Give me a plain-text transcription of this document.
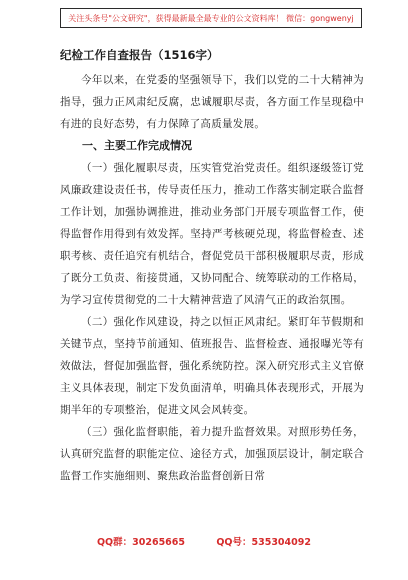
关注头条号"公文研究"，获得最新最全最专业的公文资料库！ 微信：gongwenyj
纪检工作自查报告（1516字）

今年以来，在党委的坚强领导下，我们以党的二十大精神为指导，强力正风肃纪反腐，忠诚履职尽责，各方面工作呈现稳中有进的良好态势，有力保障了高质量发展。

一、主要工作完成情况

（一）强化履职尽责，压实管党治党责任。组织逐级签订党风廉政建设责任书，传导责任压力，推动工作落实制定联合监督工作计划，加强协调推进，推动业务部门开展专项监督工作，使得监督作用得到有效发挥。坚持严考核硬兑现，将监督检查、述职考核、责任追究有机结合，督促党员干部积极履职尽责，形成了既分工负责、衔接贯通，又协同配合、统筹联动的工作格局，为学习宣传贯彻党的二十大精神营造了风清气正的政治氛围。

（二）强化作风建设，持之以恒正风肃纪。紧盯年节假期和关键节点，坚持节前通知、值班报告、监督检查、通报曝光等有效做法，督促加强监督，强化系统防控。深入研究形式主义官僚主义具体表现，制定下发负面清单，明确具体表现形式，开展为期半年的专项整治，促进文风会风转变。

（三）强化监督职能，着力提升监督效果。对照形势任务，认真研究监督的职能定位、途径方式，加强顶层设计，制定联合监督工作实施细则、聚焦政治监督创新日常

QQ群：30265665	QQ号：535304092
